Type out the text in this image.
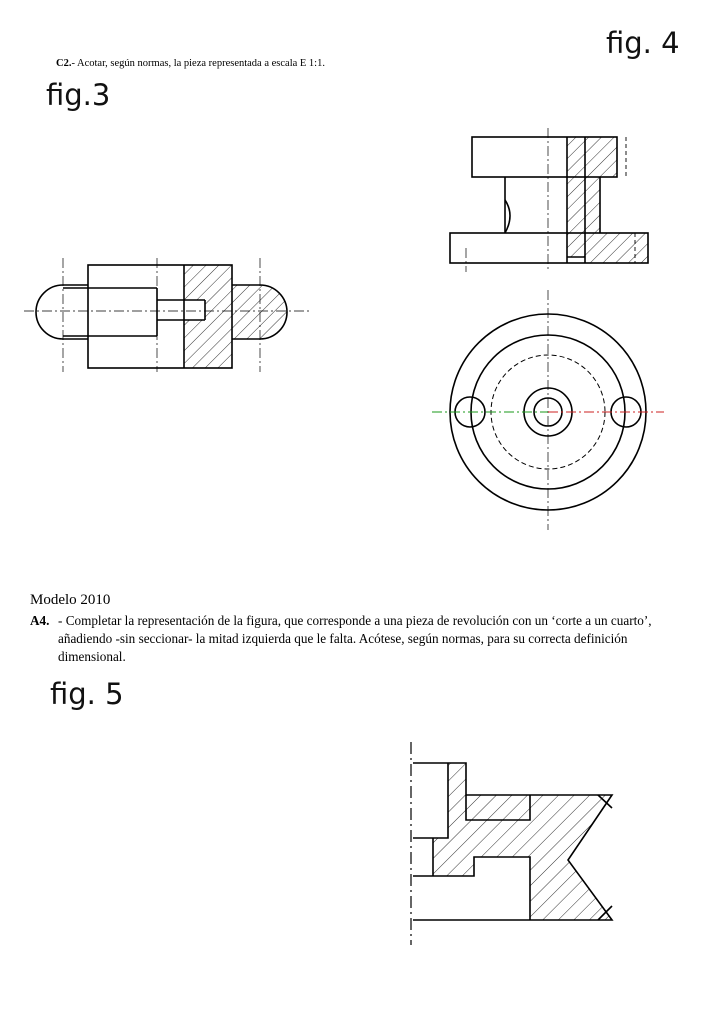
fig. 4
fig.3
fig. 5
C2.- Acotar, según normas, la pieza representada a escala E 1:1.
Modelo 2010
A4. - Completar la representación de la figura, que corresponde a una pieza de revolución con un ‘corte a un cuarto’, añadiendo -sin seccionar- la mitad izquierda que le falta. Acótese, según normas, para su correcta definición dimensional.
